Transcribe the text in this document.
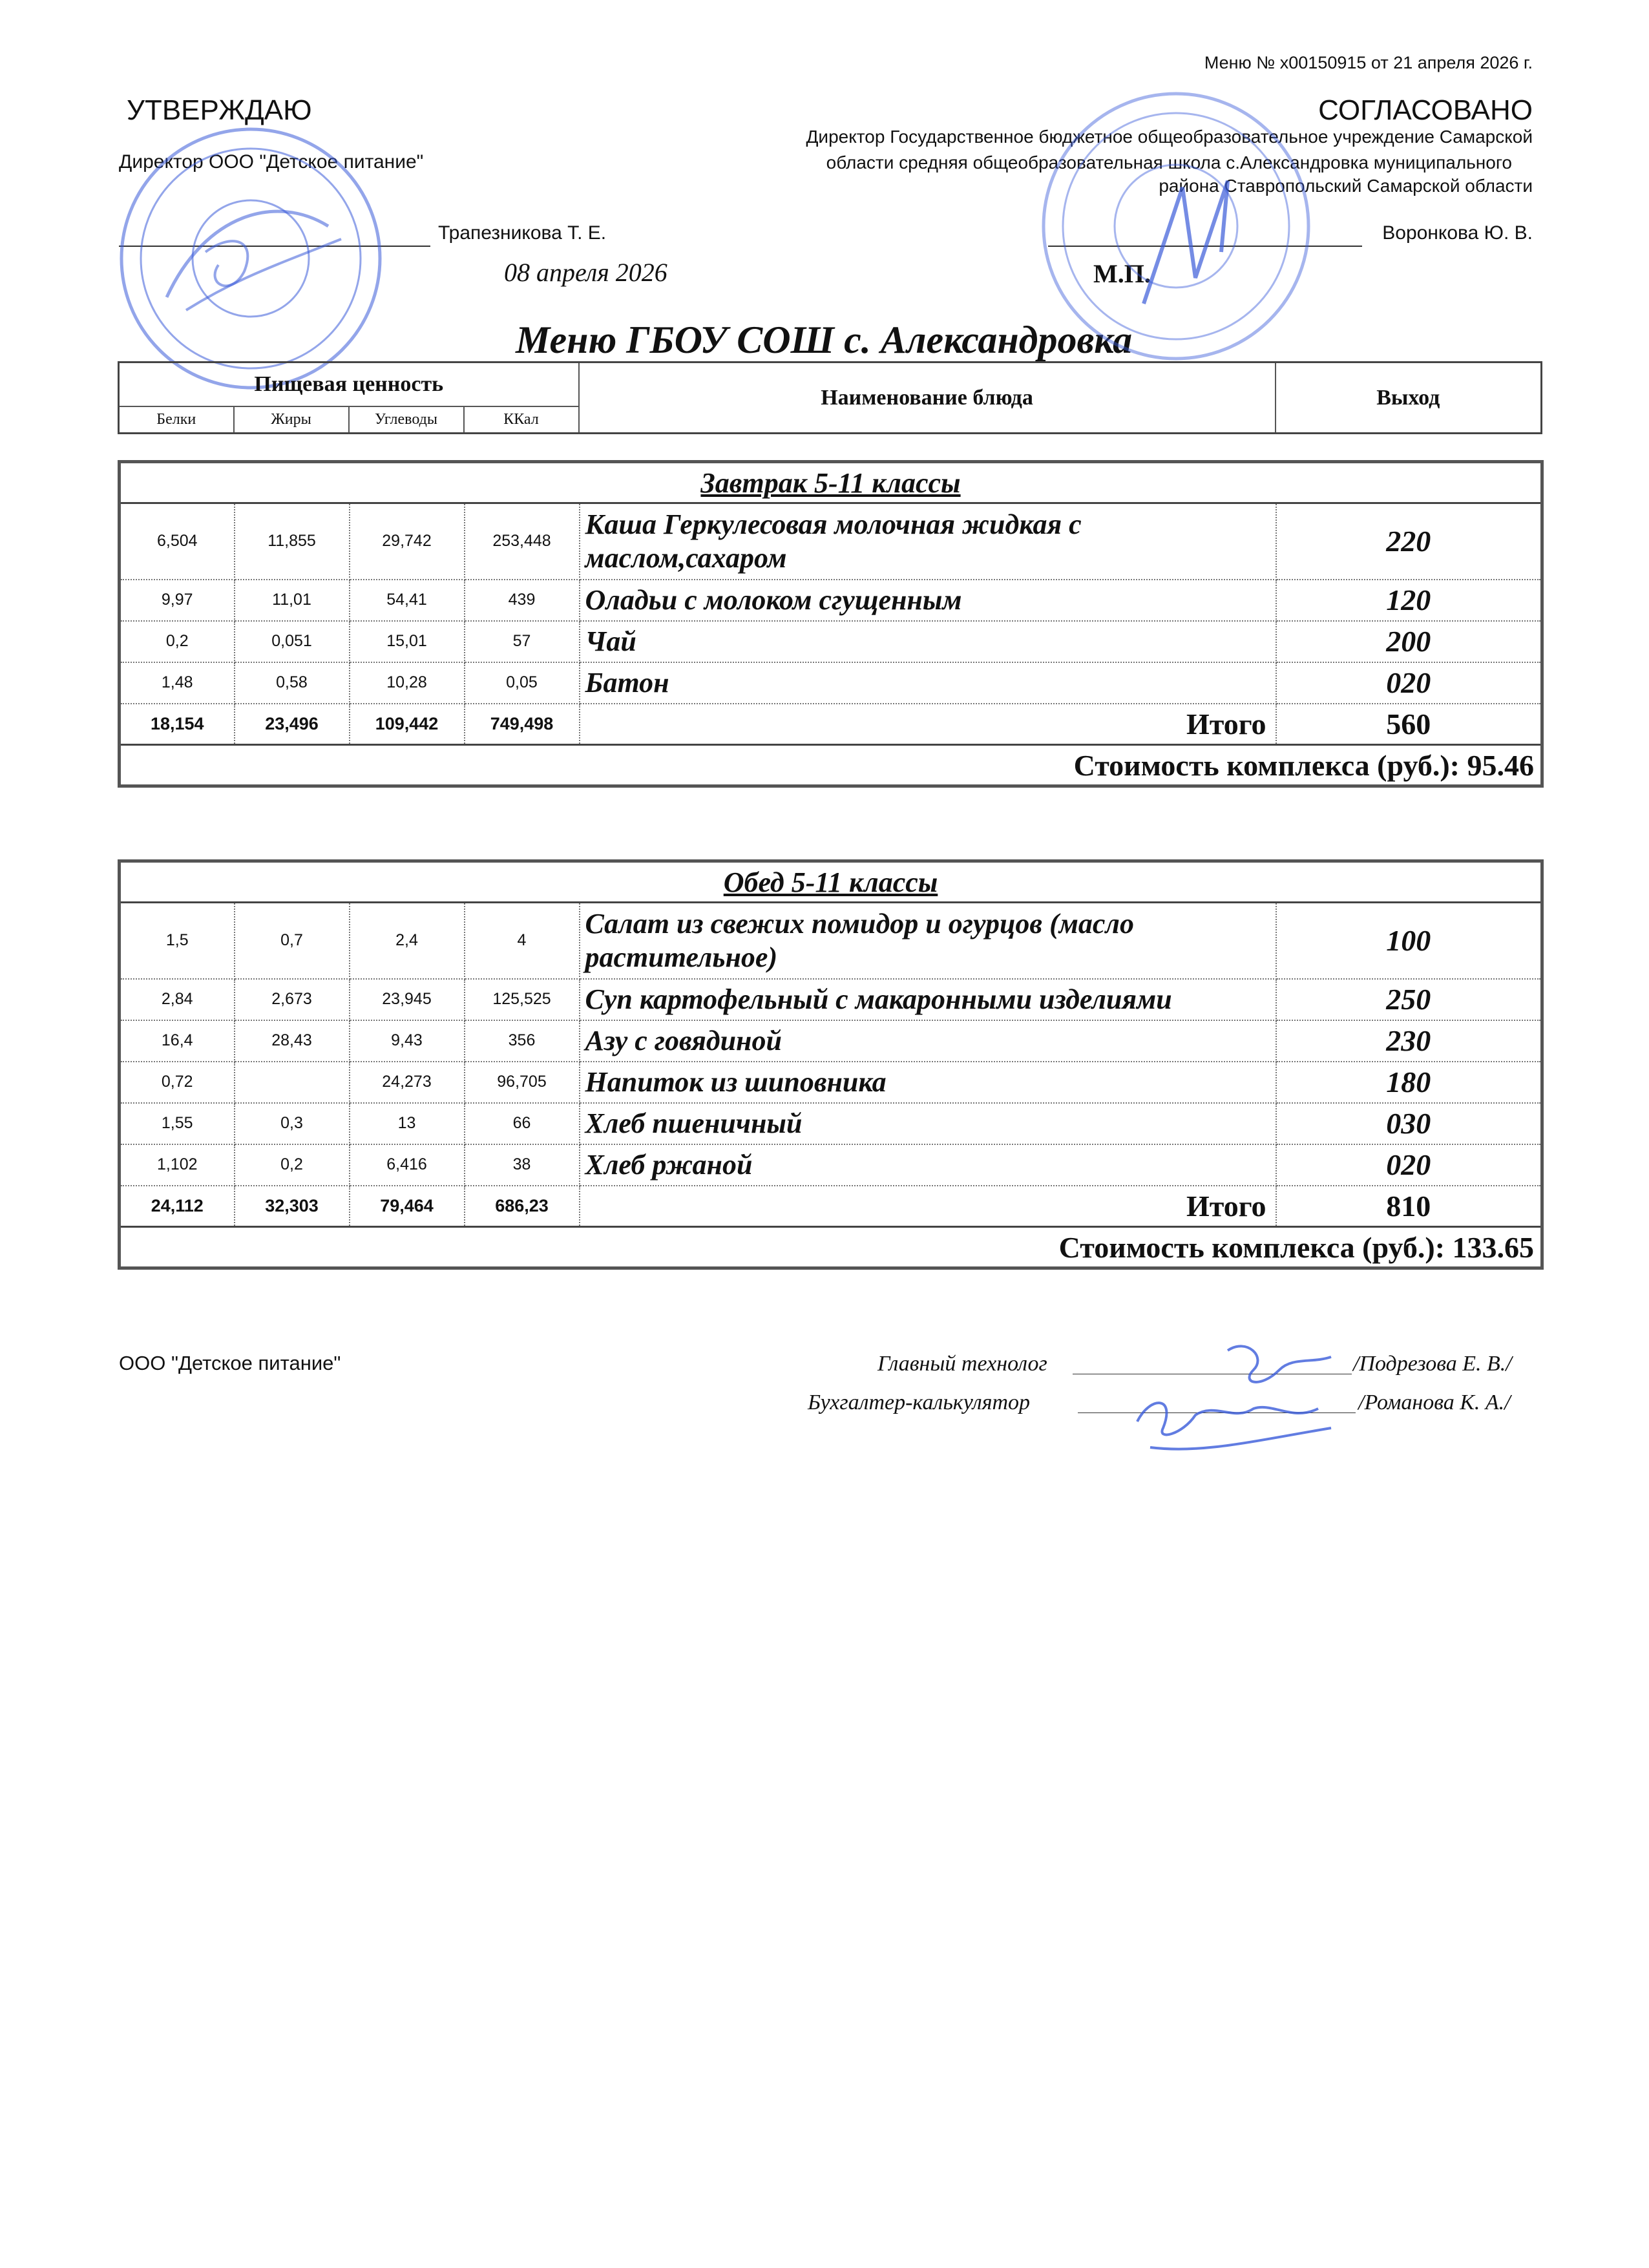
Меню № х00150915 от 21 апреля 2026 г.
УТВЕРЖДАЮ
Директор ООО "Детское питание"
Трапезникова Т. Е.
08 апреля 2026
СОГЛАСОВАНО
Директор Государственное бюджетное общеобразовательное учреждение Самарской
области средняя общеобразовательная школа с.Александровка муниципального
района Ставропольский Самарской области
Воронкова Ю. В.
М.П.
Меню ГБОУ СОШ с. Александровка
Пищевая ценность				Наименование блюда	Выход
Белки	Жиры	Углеводы	ККал		
Завтрак 5-11 классы					
6,504	11,855	29,742	253,448	Каша Геркулесовая молочная жидкая с маслом,сахаром	220
9,97	11,01	54,41	439	Оладьи с молоком сгущенным	120
0,2	0,051	15,01	57	Чай	200
1,48	0,58	10,28	0,05	Батон	020
18,154	23,496	109,442	749,498	Итого	560
Стоимость комплекса (руб.): 95.46					
Обед 5-11 классы					
1,5	0,7	2,4	4	Салат из свежих помидор и огурцов (масло растительное)	100
2,84	2,673	23,945	125,525	Суп картофельный с макаронными изделиями	250
16,4	28,43	9,43	356	Азу с говядиной	230
0,72		24,273	96,705	Напиток из шиповника	180
1,55	0,3	13	66	Хлеб пшеничный	030
1,102	0,2	6,416	38	Хлеб ржаной	020
24,112	32,303	79,464	686,23	Итого	810
Стоимость комплекса (руб.): 133.65					
ООО "Детское питание"	Главный технолог	/Подрезова Е. В./
Бухгалтер-калькулятор	/Романова К. А./
